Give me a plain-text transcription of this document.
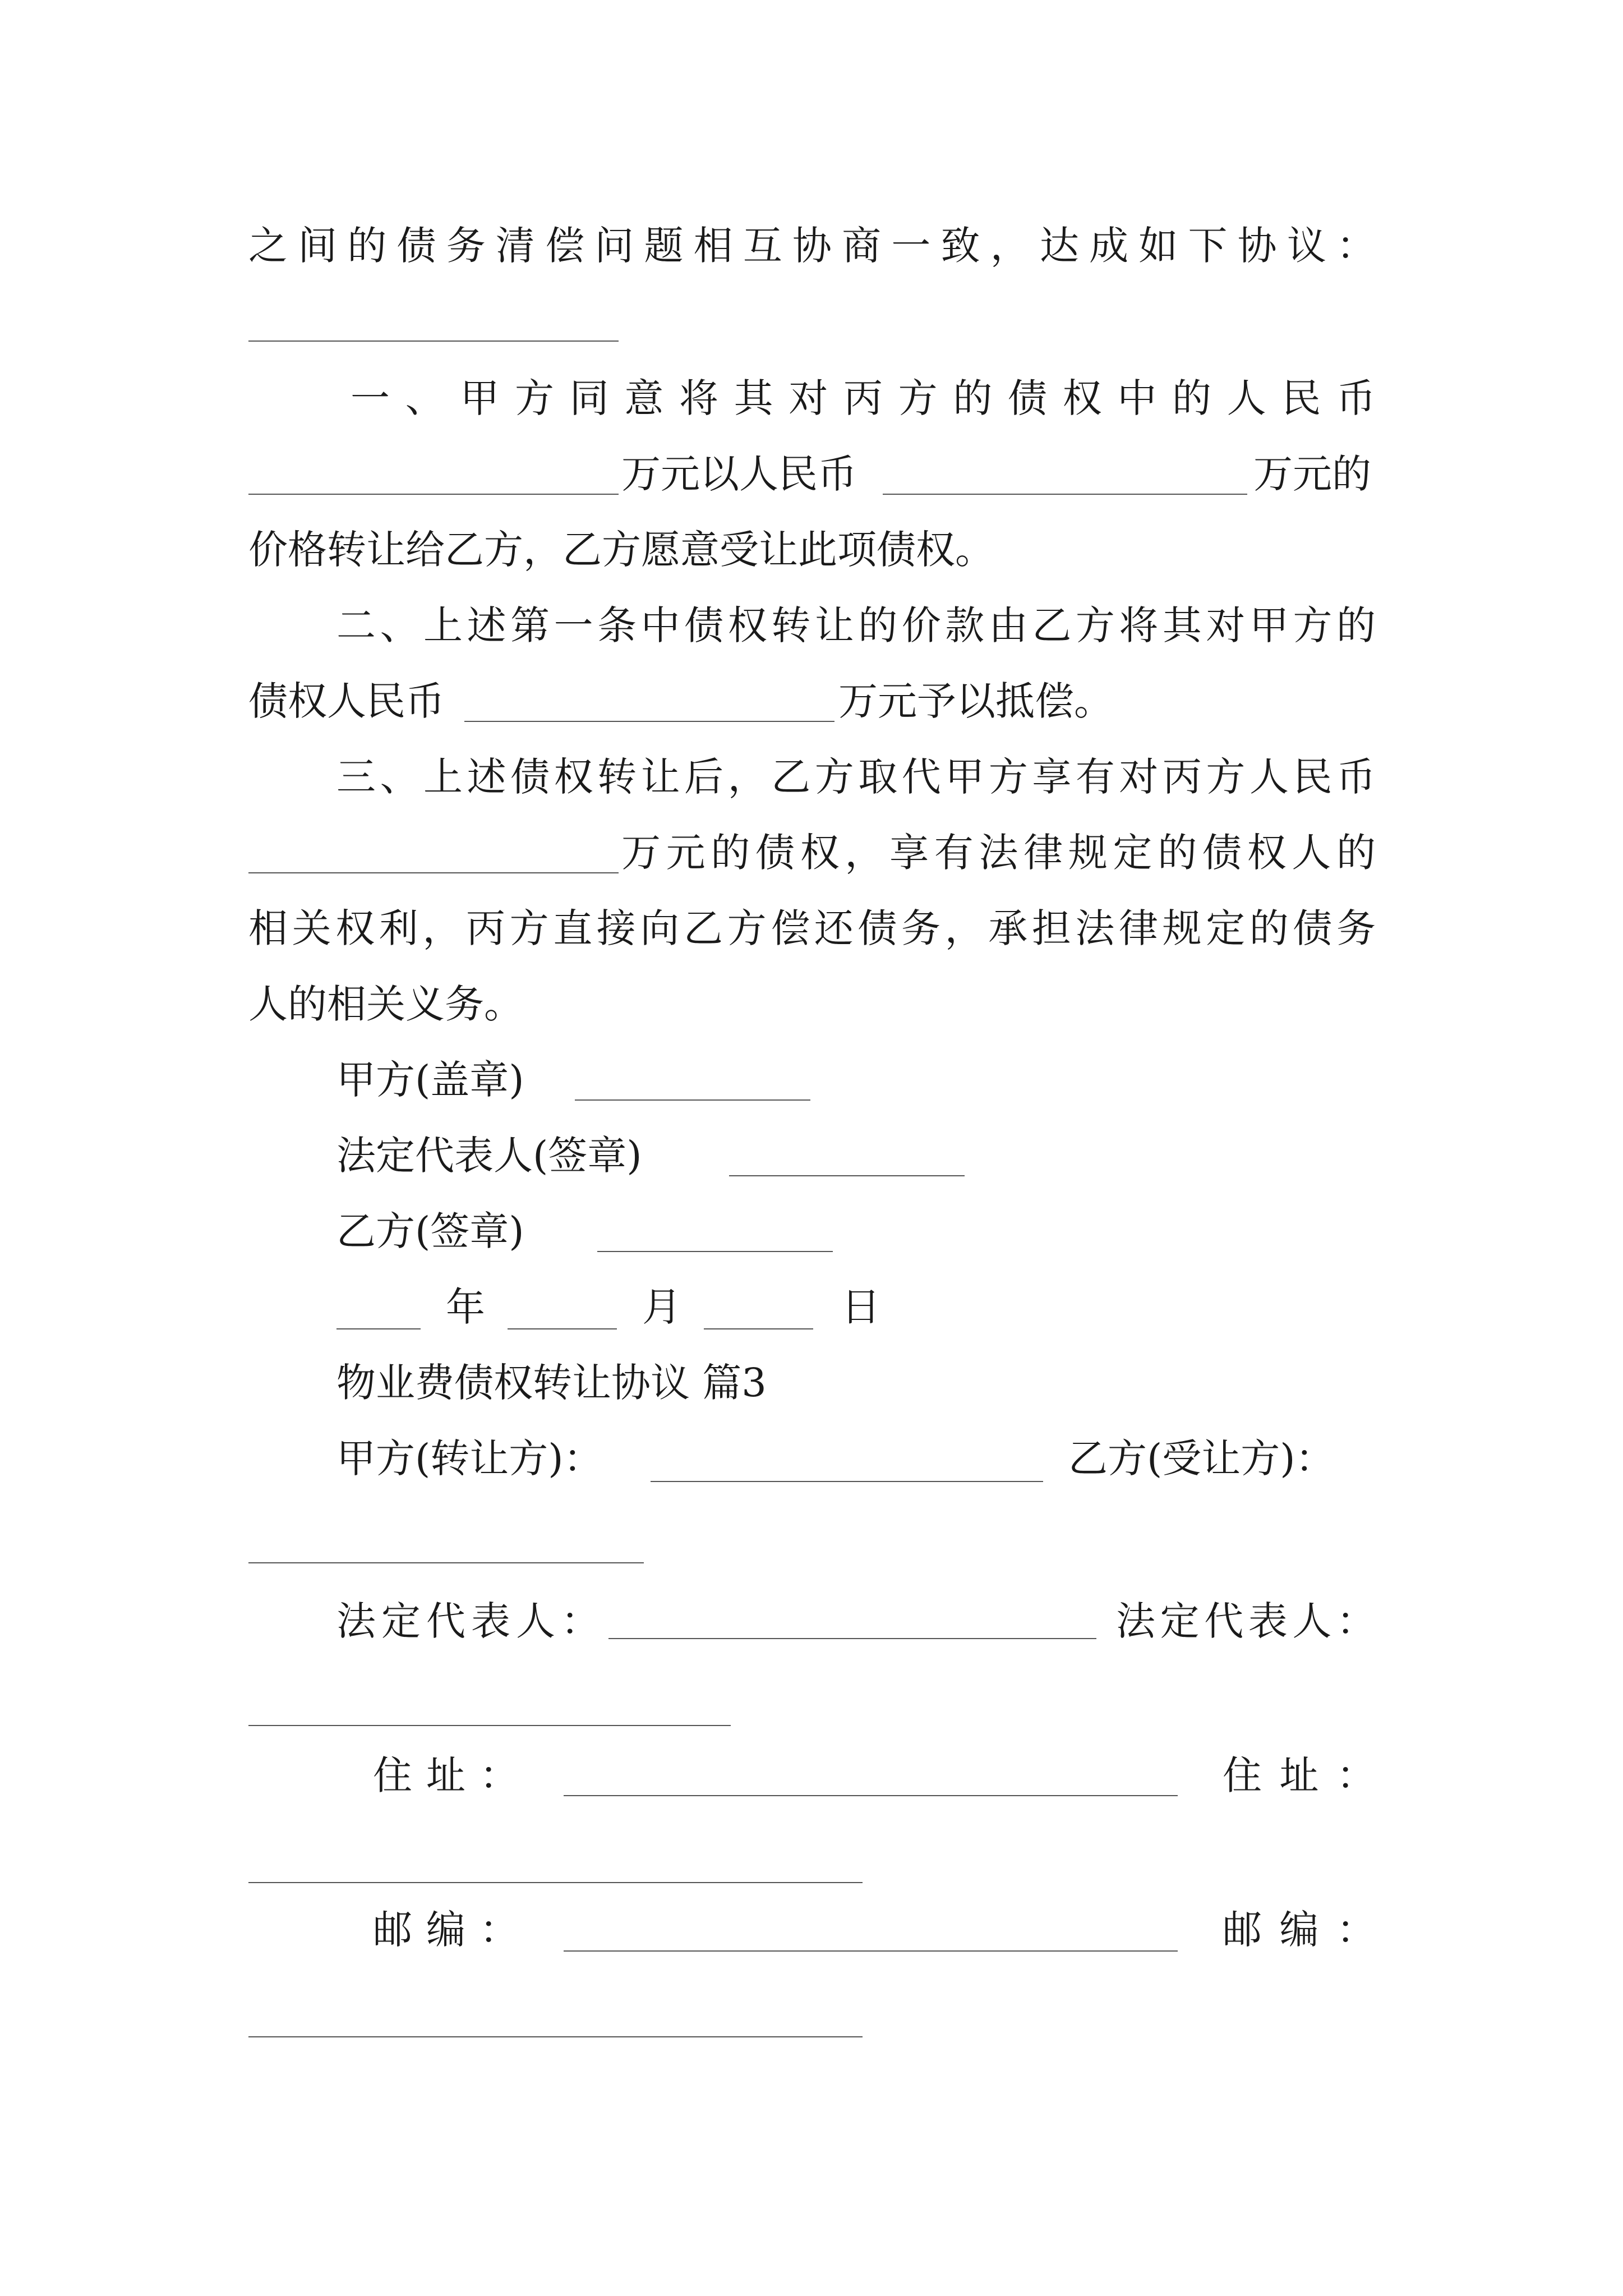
之间的债务清偿问题相互协商一致，达成如下协议：

一、甲方同意将其对丙方的债权中的人民币

万元以人民币	万元的

价格转让给乙方，乙方愿意受让此项债权。

二、上述第一条中债权转让的价款由乙方将其对甲方的

债权人民币	万元予以抵偿。

三、上述债权转让后，乙方取代甲方享有对丙方人民币

万元的债权，享有法律规定的债权人的

相关权利，丙方直接向乙方偿还债务，承担法律规定的债务

人的相关义务。

甲方(盖章)

法定代表人(签章)

乙方(签章)

年	月	日

物业费债权转让协议 篇3

甲方(转让方)：	乙方(受让方)：

法定代表人：	法定代表人：

住址：	住址：

邮编：	邮编：
